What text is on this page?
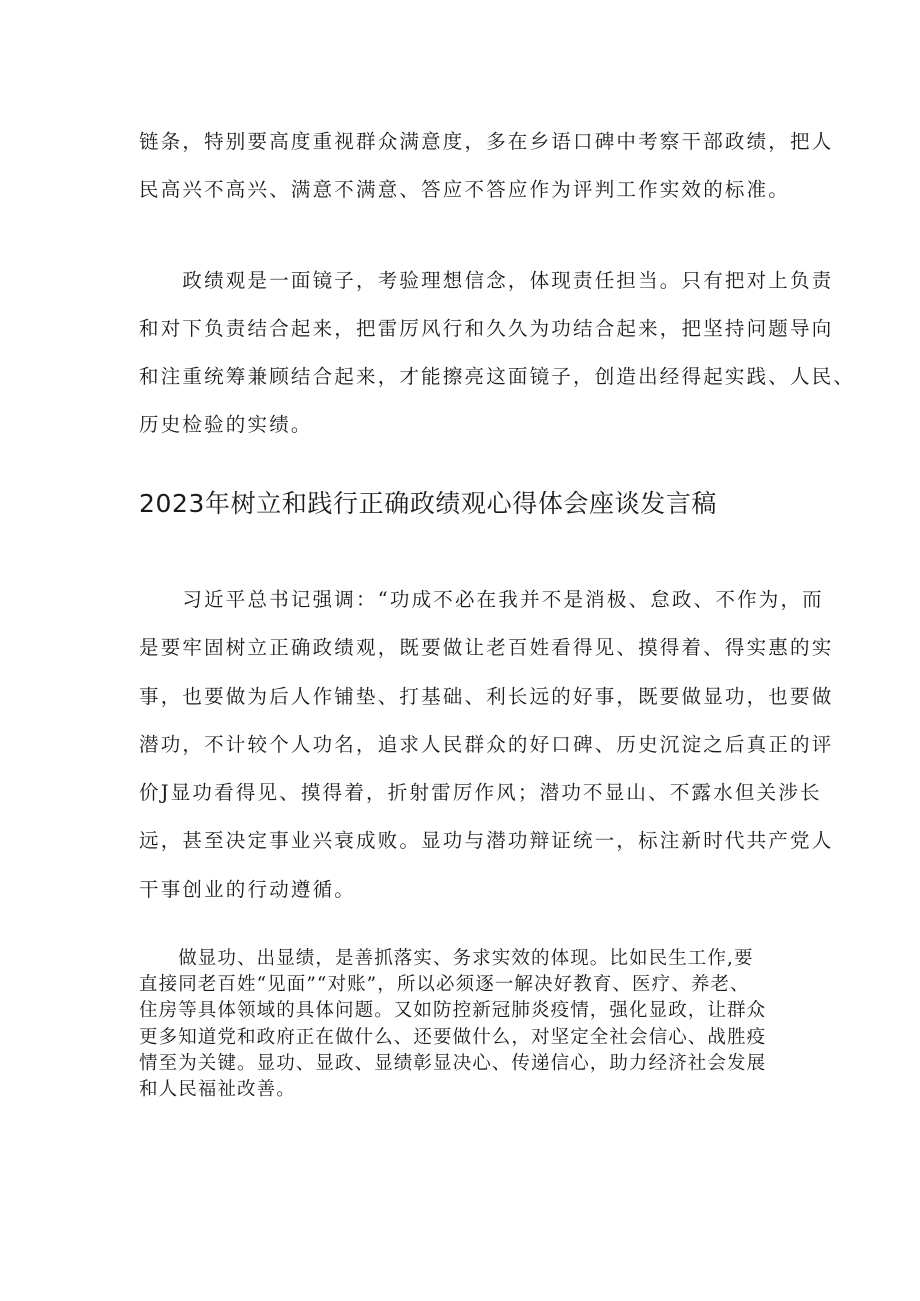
链条，特别要高度重视群众满意度，多在乡语口碑中考察干部政绩，把人
民高兴不高兴、满意不满意、答应不答应作为评判工作实效的标准。
　　政绩观是一面镜子，考验理想信念，体现责任担当。只有把对上负责
和对下负责结合起来，把雷厉风行和久久为功结合起来，把坚持问题导向
和注重统筹兼顾结合起来，才能擦亮这面镜子，创造出经得起实践、人民、
历史检验的实绩。
2023年树立和践行正确政绩观心得体会座谈发言稿
　　习近平总书记强调：“功成不必在我并不是消极、怠政、不作为，而
是要牢固树立正确政绩观，既要做让老百姓看得见、摸得着、得实惠的实
事，也要做为后人作铺垫、打基础、利长远的好事，既要做显功，也要做
潜功，不计较个人功名，追求人民群众的好口碑、历史沉淀之后真正的评
价J显功看得见、摸得着，折射雷厉作风；潜功不显山、不露水但关涉长
远，甚至决定事业兴衰成败。显功与潜功辩证统一，标注新时代共产党人
干事创业的行动遵循。
　　做显功、出显绩，是善抓落实、务求实效的体现。比如民生工作,要
直接同老百姓“见面”“对账”，所以必须逐一解决好教育、医疗、养老、
住房等具体领域的具体问题。又如防控新冠肺炎疫情，强化显政，让群众
更多知道党和政府正在做什么、还要做什么，对坚定全社会信心、战胜疫
情至为关键。显功、显政、显绩彰显决心、传递信心，助力经济社会发展
和人民福祉改善。
